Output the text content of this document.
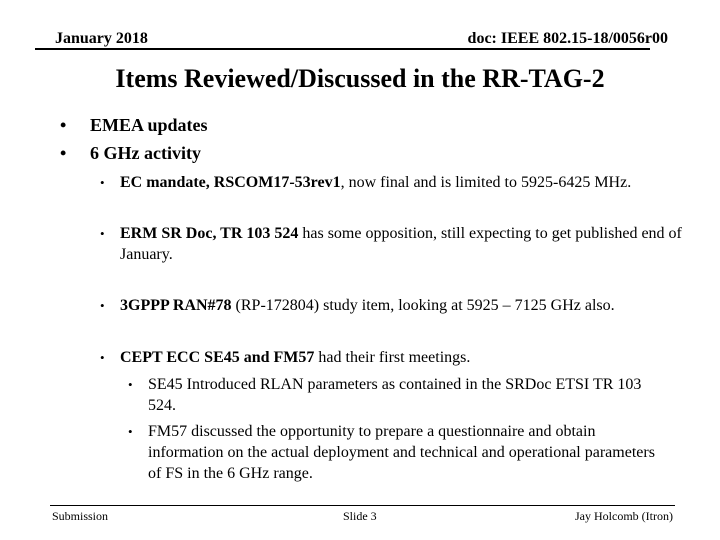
January 2018	doc: IEEE 802.15-18/0056r00
Items Reviewed/Discussed in the RR-TAG-2
• EMEA updates
• 6 GHz activity
• EC mandate, RSCOM17-53rev1, now final and is limited to 5925-6425 MHz.
• ERM SR Doc, TR 103 524 has some opposition, still expecting to get published end of January.
• 3GPPP RAN#78 (RP-172804) study item, looking at 5925 – 7125 GHz also.
• CEPT ECC SE45 and FM57 had their first meetings.
• SE45 Introduced RLAN parameters as contained in the SRDoc ETSI TR 103 524.
• FM57 discussed the opportunity to prepare a questionnaire and obtain information on the actual deployment and technical and operational parameters of FS in the 6 GHz range.
Submission	Slide 3	Jay Holcomb (Itron)
